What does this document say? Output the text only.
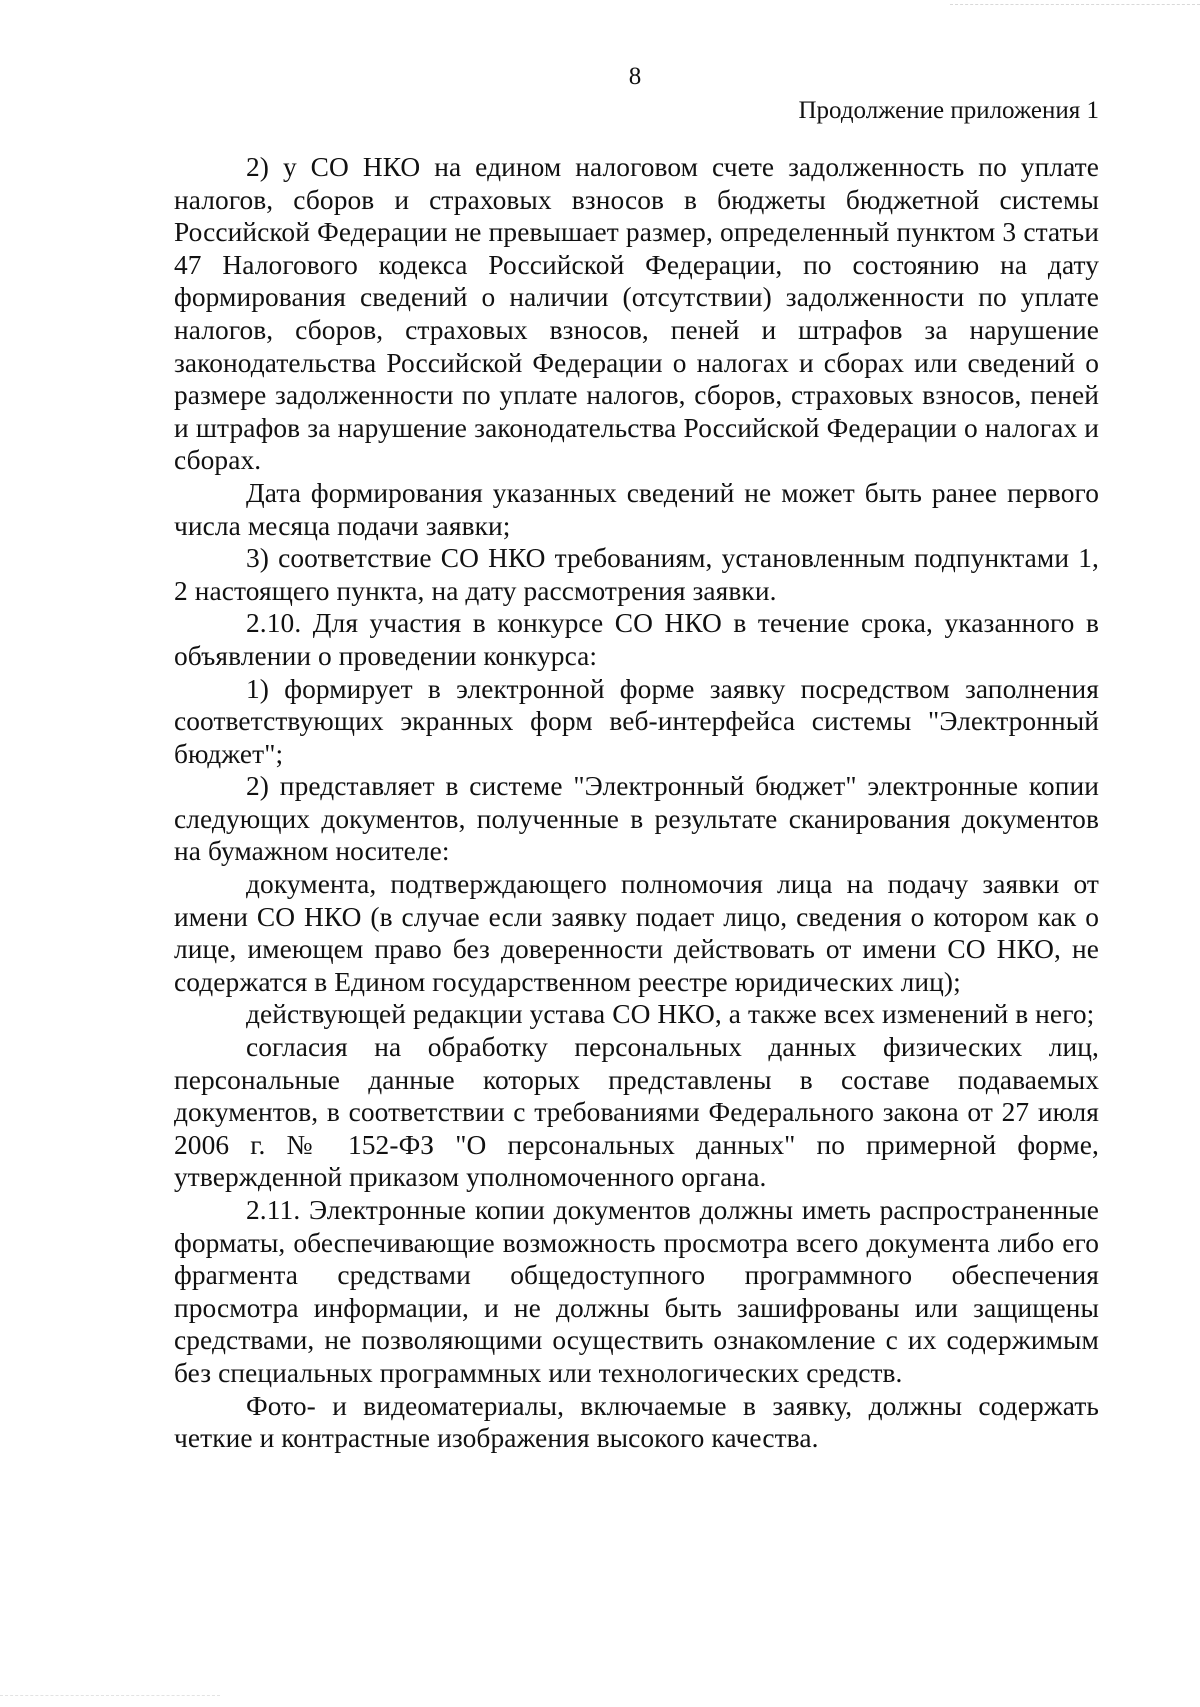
8
Продолжение приложения 1

2) у СО НКО на едином налоговом счете задолженность по уплате налогов, сборов и страховых взносов в бюджеты бюджетной системы Российской Федерации не превышает размер, определенный пунктом 3 статьи 47 Налогового кодекса Российской Федерации, по состоянию на дату формирования сведений о наличии (отсутствии) задолженности по уплате налогов, сборов, страховых взносов, пеней и штрафов за нарушение законодательства Российской Федерации о налогах и сборах или сведений о размере задолженности по уплате налогов, сборов, страховых взносов, пеней и штрафов за нарушение законодательства Российской Федерации о налогах и сборах.

Дата формирования указанных сведений не может быть ранее первого числа месяца подачи заявки;

3) соответствие СО НКО требованиям, установленным подпунктами 1, 2 настоящего пункта, на дату рассмотрения заявки.

2.10. Для участия в конкурсе СО НКО в течение срока, указанного в объявлении о проведении конкурса:

1) формирует в электронной форме заявку посредством заполнения соответствующих экранных форм веб-интерфейса системы "Электронный бюджет";

2) представляет в системе "Электронный бюджет" электронные копии следующих документов, полученные в результате сканирования документов на бумажном носителе:

документа, подтверждающего полномочия лица на подачу заявки от имени СО НКО (в случае если заявку подает лицо, сведения о котором как о лице, имеющем право без доверенности действовать от имени СО НКО, не содержатся в Едином государственном реестре юридических лиц);

действующей редакции устава СО НКО, а также всех изменений в него;

согласия на обработку персональных данных физических лиц, персональные данные которых представлены в составе подаваемых документов, в соответствии с требованиями Федерального закона от 27 июля 2006 г. № 152-ФЗ "О персональных данных" по примерной форме, утвержденной приказом уполномоченного органа.

2.11. Электронные копии документов должны иметь распространенные форматы, обеспечивающие возможность просмотра всего документа либо его фрагмента средствами общедоступного программного обеспечения просмотра информации, и не должны быть зашифрованы или защищены средствами, не позволяющими осуществить ознакомление с их содержимым без специальных программных или технологических средств.

Фото- и видеоматериалы, включаемые в заявку, должны содержать четкие и контрастные изображения высокого качества.
